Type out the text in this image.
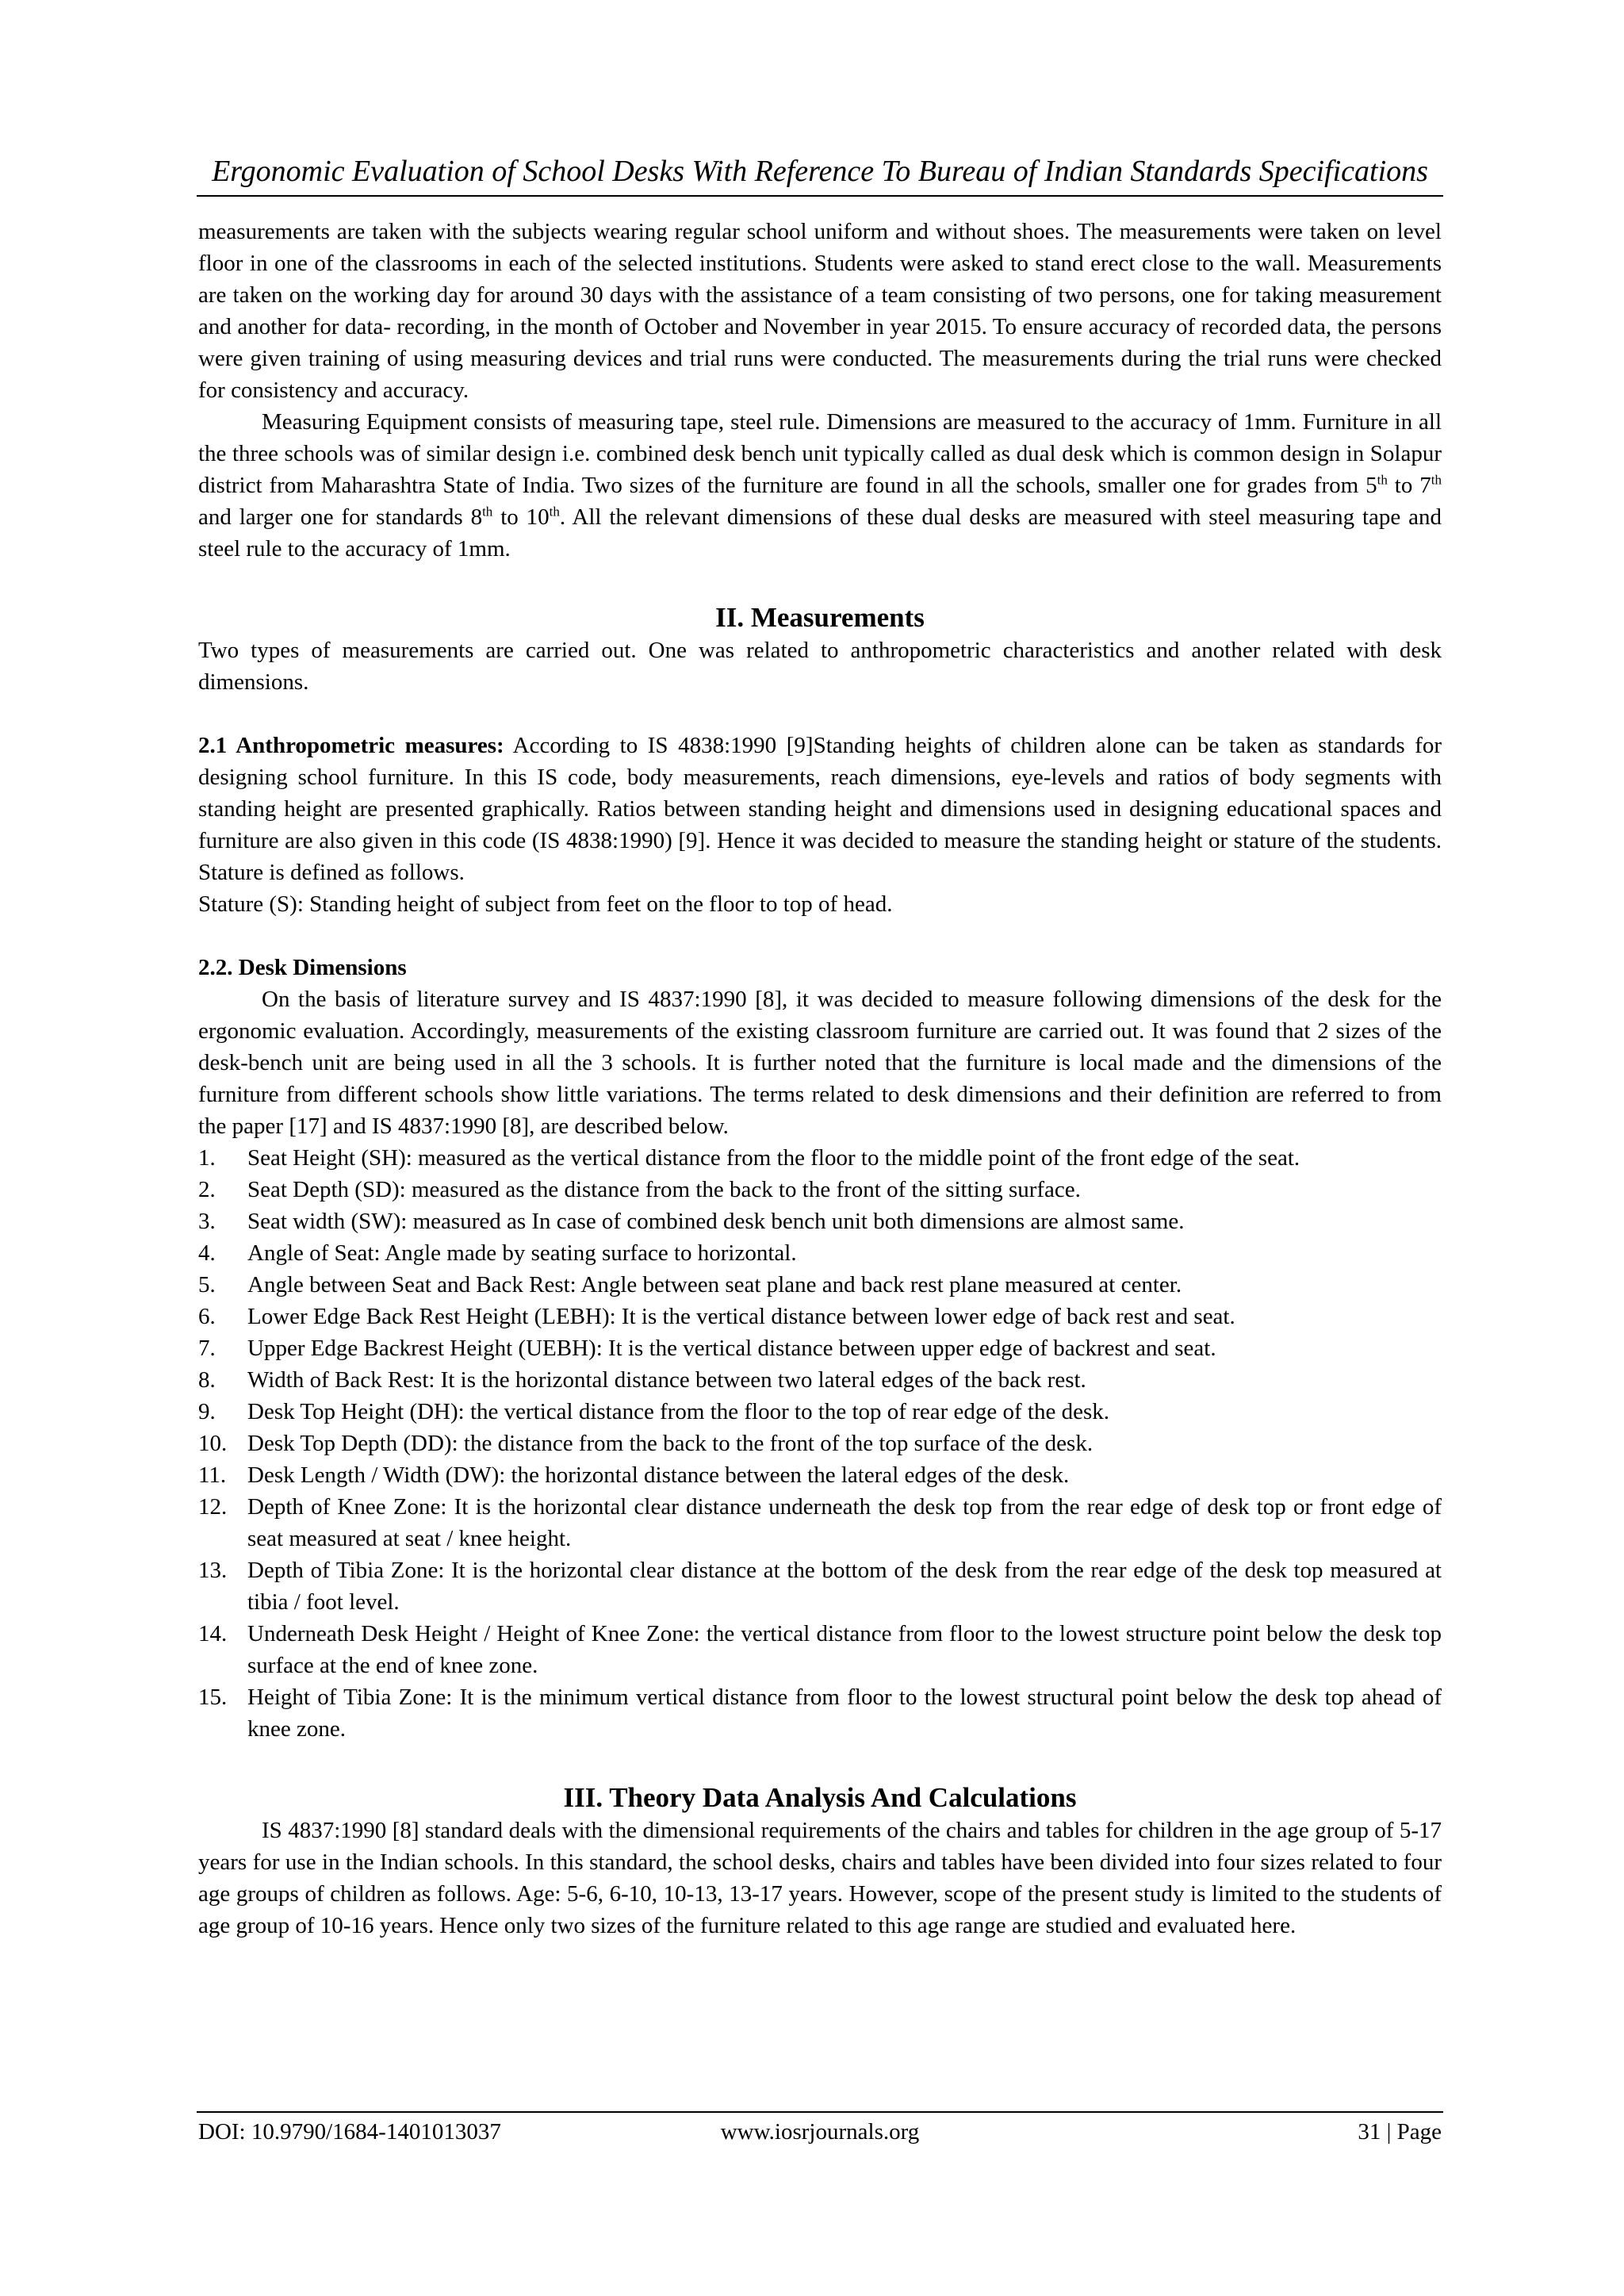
Ergonomic Evaluation of School Desks With Reference To Bureau of Indian Standards Specifications

measurements are taken with the subjects wearing regular school uniform and without shoes. The measurements were taken on level floor in one of the classrooms in each of the selected institutions. Students were asked to stand erect close to the wall. Measurements are taken on the working day for around 30 days with the assistance of a team consisting of two persons, one for taking measurement and another for data- recording, in the month of October and November in year 2015. To ensure accuracy of recorded data, the persons were given training of using measuring devices and trial runs were conducted. The measurements during the trial runs were checked for consistency and accuracy.

Measuring Equipment consists of measuring tape, steel rule. Dimensions are measured to the accuracy of 1mm. Furniture in all the three schools was of similar design i.e. combined desk bench unit typically called as dual desk which is common design in Solapur district from Maharashtra State of India. Two sizes of the furniture are found in all the schools, smaller one for grades from 5th to 7th and larger one for standards 8th to 10th. All the relevant dimensions of these dual desks are measured with steel measuring tape and steel rule to the accuracy of 1mm.

II. Measurements

Two types of measurements are carried out. One was related to anthropometric characteristics and another related with desk dimensions.

2.1 Anthropometric measures: According to IS 4838:1990 [9]Standing heights of children alone can be taken as standards for designing school furniture. In this IS code, body measurements, reach dimensions, eye-levels and ratios of body segments with standing height are presented graphically. Ratios between standing height and dimensions used in designing educational spaces and furniture are also given in this code (IS 4838:1990) [9]. Hence it was decided to measure the standing height or stature of the students. Stature is defined as follows.

Stature (S): Standing height of subject from feet on the floor to top of head.

2.2. Desk Dimensions

On the basis of literature survey and IS 4837:1990 [8], it was decided to measure following dimensions of the desk for the ergonomic evaluation. Accordingly, measurements of the existing classroom furniture are carried out. It was found that 2 sizes of the desk-bench unit are being used in all the 3 schools. It is further noted that the furniture is local made and the dimensions of the furniture from different schools show little variations. The terms related to desk dimensions and their definition are referred to from the paper [17] and IS 4837:1990 [8], are described below.

1. Seat Height (SH): measured as the vertical distance from the floor to the middle point of the front edge of the seat.
2. Seat Depth (SD): measured as the distance from the back to the front of the sitting surface.
3. Seat width (SW): measured as In case of combined desk bench unit both dimensions are almost same.
4. Angle of Seat: Angle made by seating surface to horizontal.
5. Angle between Seat and Back Rest: Angle between seat plane and back rest plane measured at center.
6. Lower Edge Back Rest Height (LEBH): It is the vertical distance between lower edge of back rest and seat.
7. Upper Edge Backrest Height (UEBH): It is the vertical distance between upper edge of backrest and seat.
8. Width of Back Rest: It is the horizontal distance between two lateral edges of the back rest.
9. Desk Top Height (DH): the vertical distance from the floor to the top of rear edge of the desk.
10. Desk Top Depth (DD): the distance from the back to the front of the top surface of the desk.
11. Desk Length / Width (DW): the horizontal distance between the lateral edges of the desk.
12. Depth of Knee Zone: It is the horizontal clear distance underneath the desk top from the rear edge of desk top or front edge of seat measured at seat / knee height.
13. Depth of Tibia Zone: It is the horizontal clear distance at the bottom of the desk from the rear edge of the desk top measured at tibia / foot level.
14. Underneath Desk Height / Height of Knee Zone: the vertical distance from floor to the lowest structure point below the desk top surface at the end of knee zone.
15. Height of Tibia Zone: It is the minimum vertical distance from floor to the lowest structural point below the desk top ahead of knee zone.
III. Theory Data Analysis And Calculations

IS 4837:1990 [8] standard deals with the dimensional requirements of the chairs and tables for children in the age group of 5-17 years for use in the Indian schools. In this standard, the school desks, chairs and tables have been divided into four sizes related to four age groups of children as follows. Age: 5-6, 6-10, 10-13, 13-17 years. However, scope of the present study is limited to the students of age group of 10-16 years. Hence only two sizes of the furniture related to this age range are studied and evaluated here.

DOI: 10.9790/1684-1401013037	www.iosrjournals.org	31 | Page
